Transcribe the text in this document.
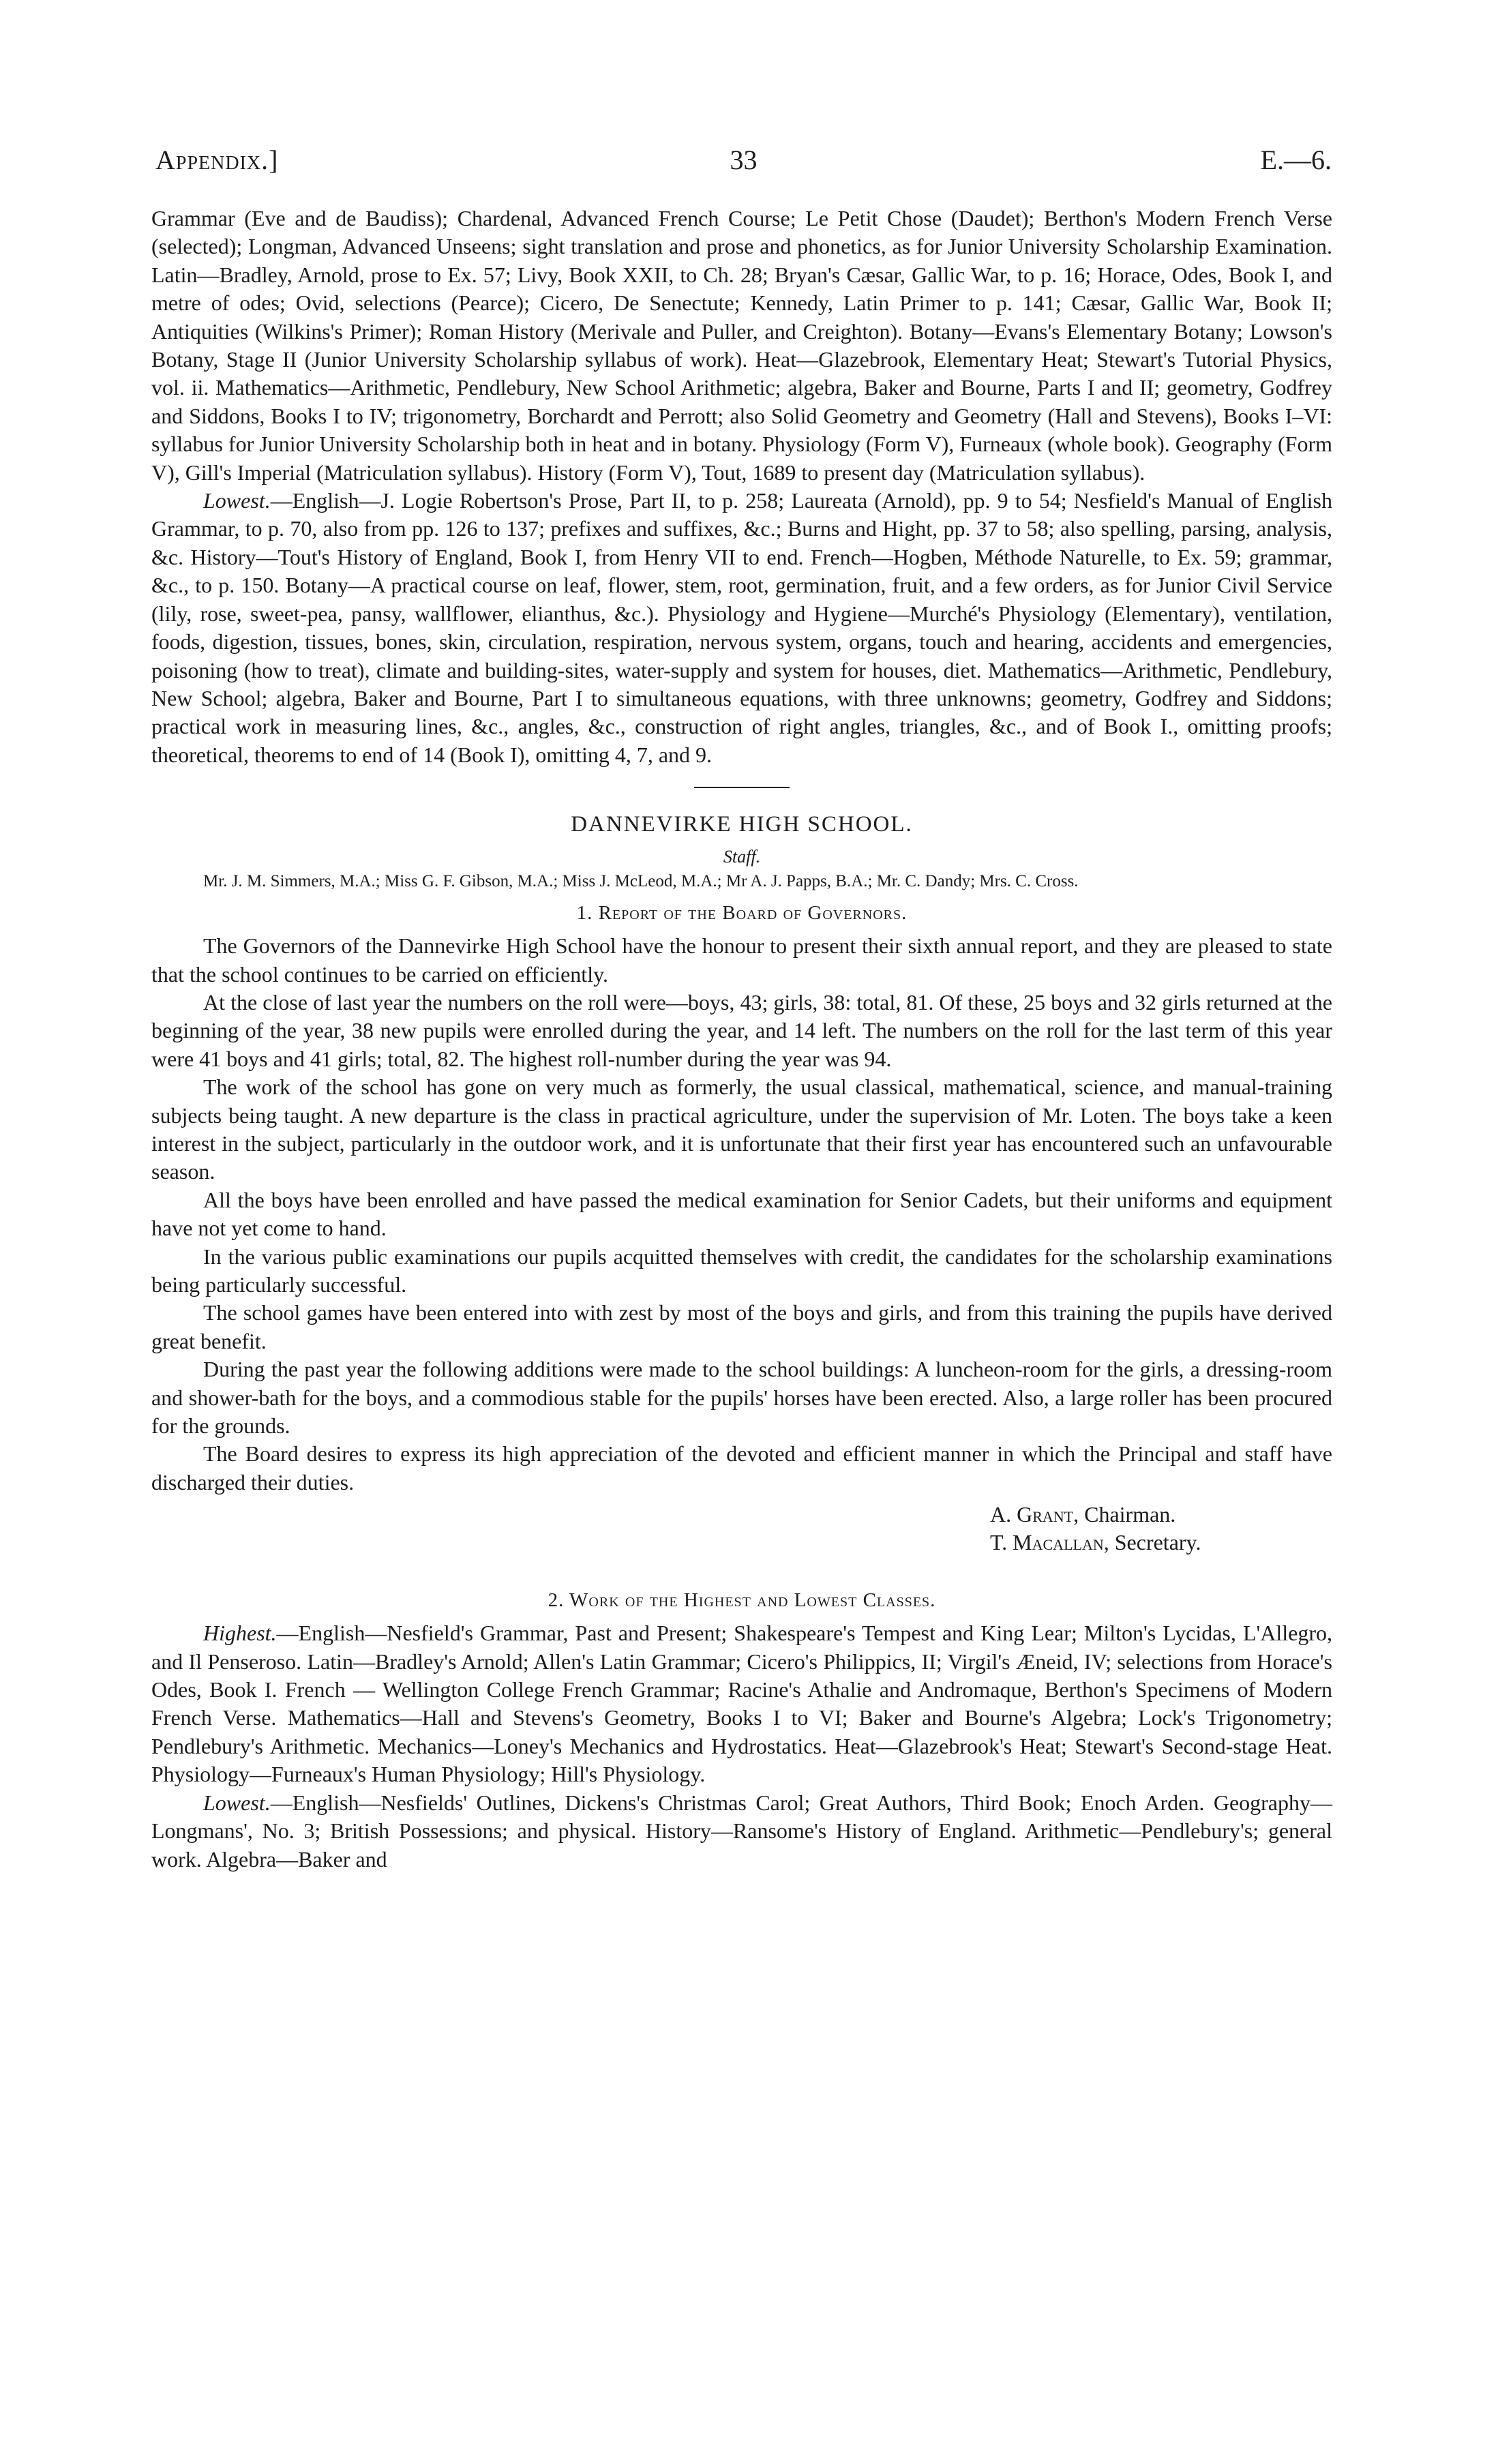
Appendix.]	33	E.—6.

Grammar (Eve and de Baudiss); Chardenal, Advanced French Course; Le Petit Chose (Daudet); Berthon's Modern French Verse (selected); Longman, Advanced Unseens; sight translation and prose and phonetics, as for Junior University Scholarship Examination. Latin—Bradley, Arnold, prose to Ex. 57; Livy, Book XXII, to Ch. 28; Bryan's Cæsar, Gallic War, to p. 16; Horace, Odes, Book I, and metre of odes; Ovid, selections (Pearce); Cicero, De Senectute; Kennedy, Latin Primer to p. 141; Cæsar, Gallic War, Book II; Antiquities (Wilkins's Primer); Roman History (Merivale and Puller, and Creighton). Botany—Evans's Elementary Botany; Lowson's Botany, Stage II (Junior University Scholarship syllabus of work). Heat—Glazebrook, Elementary Heat; Stewart's Tutorial Physics, vol. ii. Mathematics—Arithmetic, Pendlebury, New School Arithmetic; algebra, Baker and Bourne, Parts I and II; geometry, Godfrey and Siddons, Books I to IV; trigonometry, Borchardt and Perrott; also Solid Geometry and Geometry (Hall and Stevens), Books I–VI: syllabus for Junior University Scholarship both in heat and in botany. Physiology (Form V), Furneaux (whole book). Geography (Form V), Gill's Imperial (Matriculation syllabus). History (Form V), Tout, 1689 to present day (Matriculation syllabus).

Lowest.—English—J. Logie Robertson's Prose, Part II, to p. 258; Laureata (Arnold), pp. 9 to 54; Nesfield's Manual of English Grammar, to p. 70, also from pp. 126 to 137; prefixes and suffixes, &c.; Burns and Hight, pp. 37 to 58; also spelling, parsing, analysis, &c. History—Tout's History of England, Book I, from Henry VII to end. French—Hogben, Méthode Naturelle, to Ex. 59; grammar, &c., to p. 150. Botany—A practical course on leaf, flower, stem, root, germination, fruit, and a few orders, as for Junior Civil Service (lily, rose, sweet-pea, pansy, wallflower, elianthus, &c.). Physiology and Hygiene—Murché's Physiology (Elementary), ventilation, foods, digestion, tissues, bones, skin, circulation, respiration, nervous system, organs, touch and hearing, accidents and emergencies, poisoning (how to treat), climate and building-sites, water-supply and system for houses, diet. Mathematics—Arithmetic, Pendlebury, New School; algebra, Baker and Bourne, Part I to simultaneous equations, with three unknowns; geometry, Godfrey and Siddons; practical work in measuring lines, &c., angles, &c., construction of right angles, triangles, &c., and of Book I., omitting proofs; theoretical, theorems to end of 14 (Book I), omitting 4, 7, and 9.

DANNEVIRKE HIGH SCHOOL.
Staff.

Mr. J. M. Simmers, M.A.; Miss G. F. Gibson, M.A.; Miss J. McLeod, M.A.; Mr A. J. Papps, B.A.; Mr. C. Dandy; Mrs. C. Cross.

1. Report of the Board of Governors.

The Governors of the Dannevirke High School have the honour to present their sixth annual report, and they are pleased to state that the school continues to be carried on efficiently.

At the close of last year the numbers on the roll were—boys, 43; girls, 38: total, 81. Of these, 25 boys and 32 girls returned at the beginning of the year, 38 new pupils were enrolled during the year, and 14 left. The numbers on the roll for the last term of this year were 41 boys and 41 girls; total, 82. The highest roll-number during the year was 94.

The work of the school has gone on very much as formerly, the usual classical, mathematical, science, and manual-training subjects being taught. A new departure is the class in practical agriculture, under the supervision of Mr. Loten. The boys take a keen interest in the subject, particularly in the outdoor work, and it is unfortunate that their first year has encountered such an unfavourable season.

All the boys have been enrolled and have passed the medical examination for Senior Cadets, but their uniforms and equipment have not yet come to hand.

In the various public examinations our pupils acquitted themselves with credit, the candidates for the scholarship examinations being particularly successful.

The school games have been entered into with zest by most of the boys and girls, and from this training the pupils have derived great benefit.

During the past year the following additions were made to the school buildings: A luncheon-room for the girls, a dressing-room and shower-bath for the boys, and a commodious stable for the pupils' horses have been erected. Also, a large roller has been procured for the grounds.

The Board desires to express its high appreciation of the devoted and efficient manner in which the Principal and staff have discharged their duties.

A. Grant, Chairman.
T. Macallan, Secretary.
2. Work of the Highest and Lowest Classes.

Highest.—English—Nesfield's Grammar, Past and Present; Shakespeare's Tempest and King Lear; Milton's Lycidas, L'Allegro, and Il Penseroso. Latin—Bradley's Arnold; Allen's Latin Grammar; Cicero's Philippics, II; Virgil's Æneid, IV; selections from Horace's Odes, Book I. French — Wellington College French Grammar; Racine's Athalie and Andromaque, Berthon's Specimens of Modern French Verse. Mathematics—Hall and Stevens's Geometry, Books I to VI; Baker and Bourne's Algebra; Lock's Trigonometry; Pendlebury's Arithmetic. Mechanics—Loney's Mechanics and Hydrostatics. Heat—Glazebrook's Heat; Stewart's Second-stage Heat. Physiology—Furneaux's Human Physiology; Hill's Physiology.

Lowest.—English—Nesfields' Outlines, Dickens's Christmas Carol; Great Authors, Third Book; Enoch Arden. Geography—Longmans', No. 3; British Possessions; and physical. History—Ransome's History of England. Arithmetic—Pendlebury's; general work. Algebra—Baker and
